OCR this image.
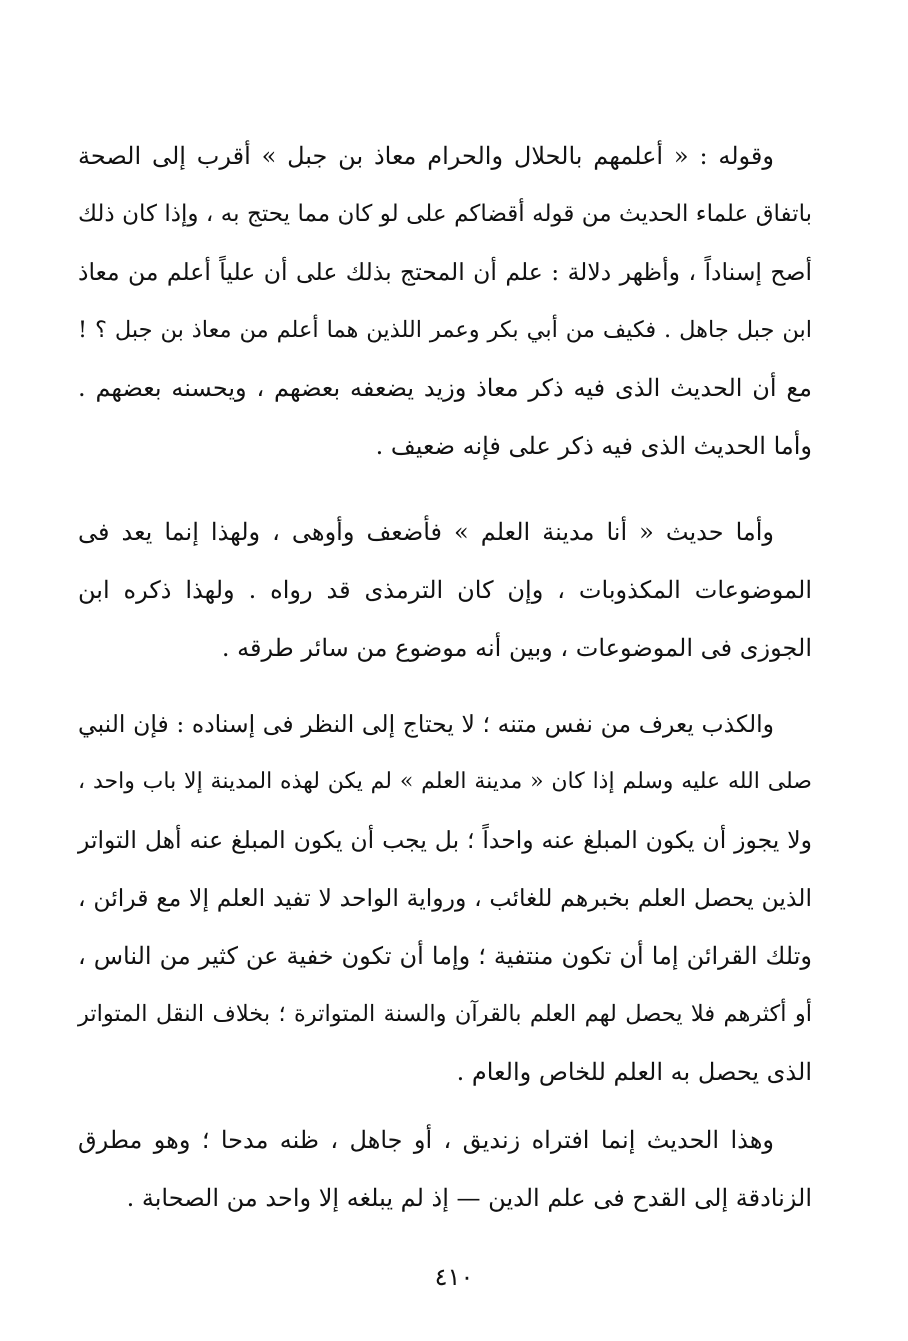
وقوله : « أعلمهم بالحلال والحرام معاذ بن جبل » أقرب إلى الصحة
باتفاق علماء الحديث من قوله أقضاكم على لو كان مما يحتج به ، وإذا كان ذلك
أصح إسناداً ، وأظهر دلالة : علم أن المحتج بذلك على أن علياً أعلم من معاذ
ابن جبل جاهل . فكيف من أبي بكر وعمر اللذين هما أعلم من معاذ بن جبل ؟ !
مع أن الحديث الذى فيه ذكر معاذ وزيد يضعفه بعضهم ، ويحسنه بعضهم .
وأما الحديث الذى فيه ذكر على فإنه ضعيف .
وأما حديث « أنا مدينة العلم » فأضعف وأوهى ، ولهذا إنما يعد فى
الموضوعات المكذوبات ، وإن كان الترمذى قد رواه . ولهذا ذكره ابن
الجوزى فى الموضوعات ، وبين أنه موضوع من سائر طرقه .
والكذب يعرف من نفس متنه ؛ لا يحتاج إلى النظر فى إسناده : فإن النبي
صلى الله عليه وسلم إذا كان « مدينة العلم » لم يكن لهذه المدينة إلا باب واحد ،
ولا يجوز أن يكون المبلغ عنه واحداً ؛ بل يجب أن يكون المبلغ عنه أهل التواتر
الذين يحصل العلم بخبرهم للغائب ، ورواية الواحد لا تفيد العلم إلا مع قرائن ،
وتلك القرائن إما أن تكون منتفية ؛ وإما أن تكون خفية عن كثير من الناس ،
أو أكثرهم فلا يحصل لهم العلم بالقرآن والسنة المتواترة ؛ بخلاف النقل المتواتر
الذى يحصل به العلم للخاص والعام .
وهذا الحديث إنما افتراه زنديق ، أو جاهل ، ظنه مدحا ؛ وهو مطرق
الزنادقة إلى القدح فى علم الدين — إذ لم يبلغه إلا واحد من الصحابة .
٤١٠
